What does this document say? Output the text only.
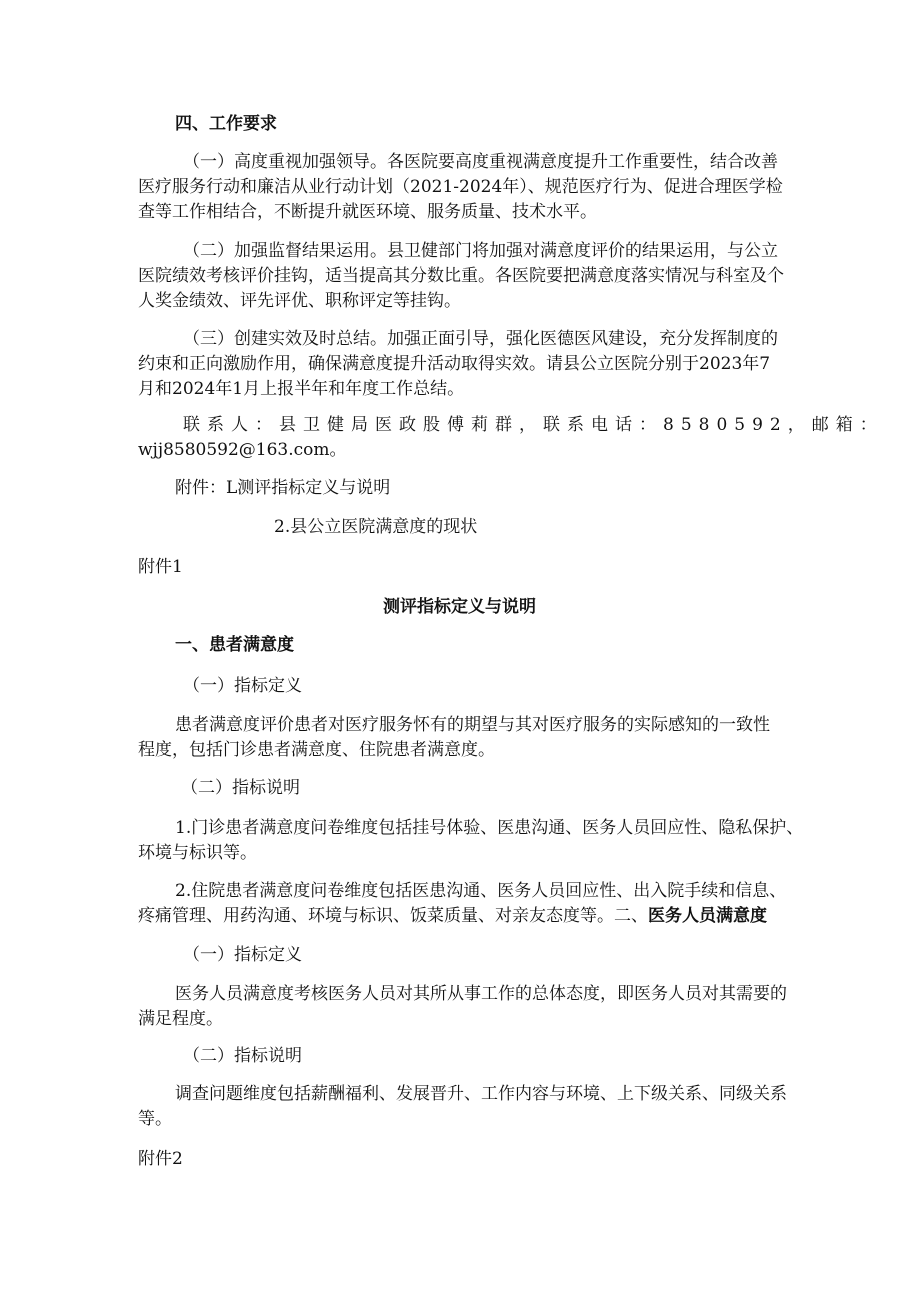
四、工作要求
（一）高度重视加强领导。各医院要高度重视满意度提升工作重要性，结合改善
医疗服务行动和廉洁从业行动计划（2021-2024年）、规范医疗行为、促进合理医学检
查等工作相结合，不断提升就医环境、服务质量、技术水平。
（二）加强监督结果运用。县卫健部门将加强对满意度评价的结果运用，与公立
医院绩效考核评价挂钩，适当提高其分数比重。各医院要把满意度落实情况与科室及个
人奖金绩效、评先评优、职称评定等挂钩。
（三）创建实效及时总结。加强正面引导，强化医德医风建设，充分发挥制度的
约束和正向激励作用，确保满意度提升活动取得实效。请县公立医院分别于2023年7
月和2024年1月上报半年和年度工作总结。
联系人：县卫健局医政股傅莉群，联系电话：8580592，邮箱：
wjj8580592@163.com。
附件：L测评指标定义与说明
2.县公立医院满意度的现状
附件1
测评指标定义与说明
一、患者满意度
（一）指标定义
患者满意度评价患者对医疗服务怀有的期望与其对医疗服务的实际感知的一致性
程度，包括门诊患者满意度、住院患者满意度。
（二）指标说明
1.门诊患者满意度问卷维度包括挂号体验、医患沟通、医务人员回应性、隐私保护、
环境与标识等。
2.住院患者满意度问卷维度包括医患沟通、医务人员回应性、出入院手续和信息、
疼痛管理、用药沟通、环境与标识、饭菜质量、对亲友态度等。二、医务人员满意度
（一）指标定义
医务人员满意度考核医务人员对其所从事工作的总体态度，即医务人员对其需要的
满足程度。
（二）指标说明
调查问题维度包括薪酬福利、发展晋升、工作内容与环境、上下级关系、同级关系
等。
附件2
